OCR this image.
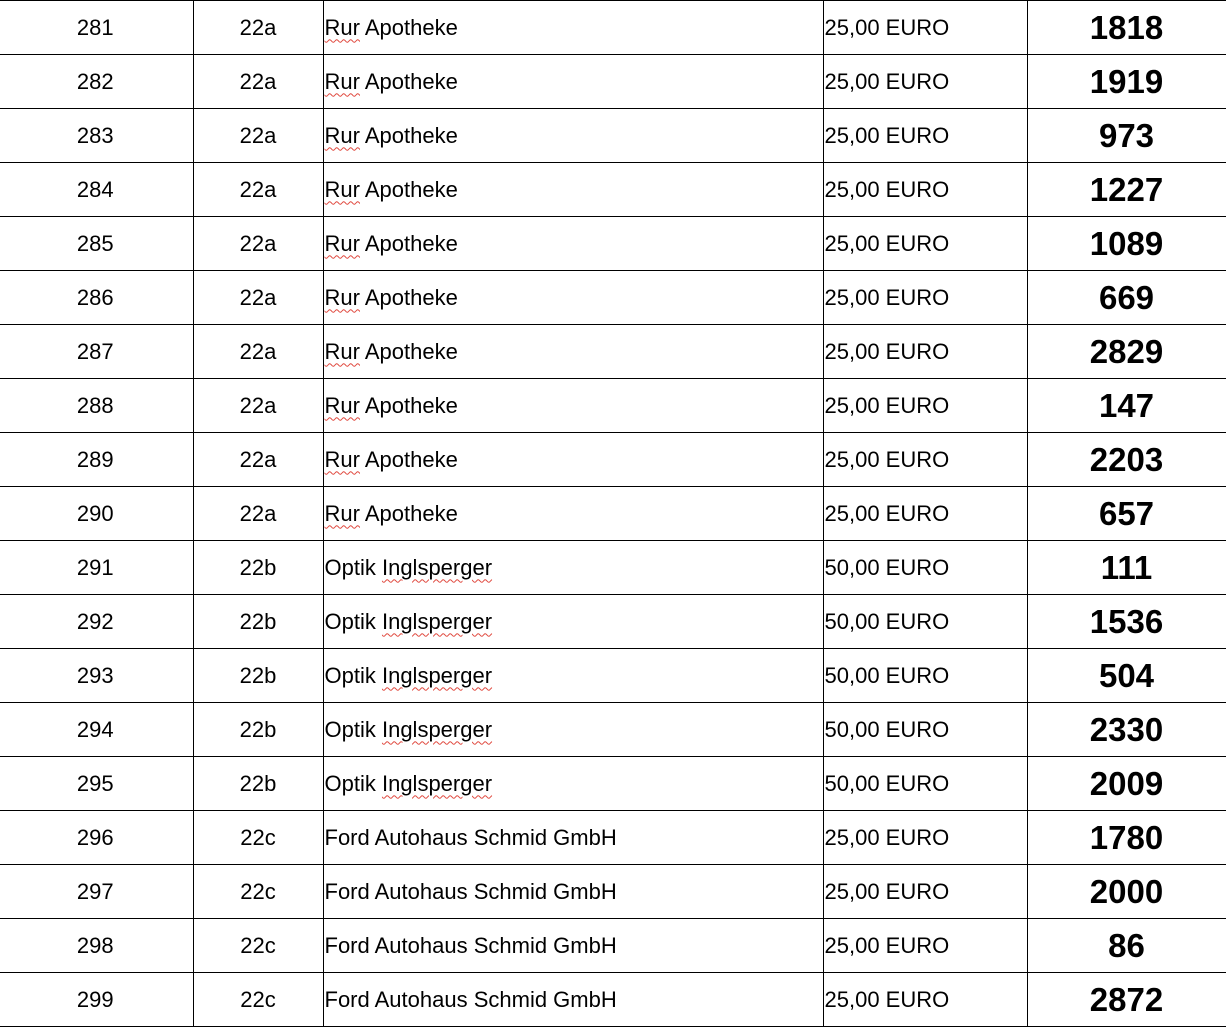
281	22a	Rur Apotheke	25,00 EURO	1818
282	22a	Rur Apotheke	25,00 EURO	1919
283	22a	Rur Apotheke	25,00 EURO	973
284	22a	Rur Apotheke	25,00 EURO	1227
285	22a	Rur Apotheke	25,00 EURO	1089
286	22a	Rur Apotheke	25,00 EURO	669
287	22a	Rur Apotheke	25,00 EURO	2829
288	22a	Rur Apotheke	25,00 EURO	147
289	22a	Rur Apotheke	25,00 EURO	2203
290	22a	Rur Apotheke	25,00 EURO	657
291	22b	Optik Inglsperger	50,00 EURO	111
292	22b	Optik Inglsperger	50,00 EURO	1536
293	22b	Optik Inglsperger	50,00 EURO	504
294	22b	Optik Inglsperger	50,00 EURO	2330
295	22b	Optik Inglsperger	50,00 EURO	2009
296	22c	Ford Autohaus Schmid GmbH	25,00 EURO	1780
297	22c	Ford Autohaus Schmid GmbH	25,00 EURO	2000
298	22c	Ford Autohaus Schmid GmbH	25,00 EURO	86
299	22c	Ford Autohaus Schmid GmbH	25,00 EURO	2872
